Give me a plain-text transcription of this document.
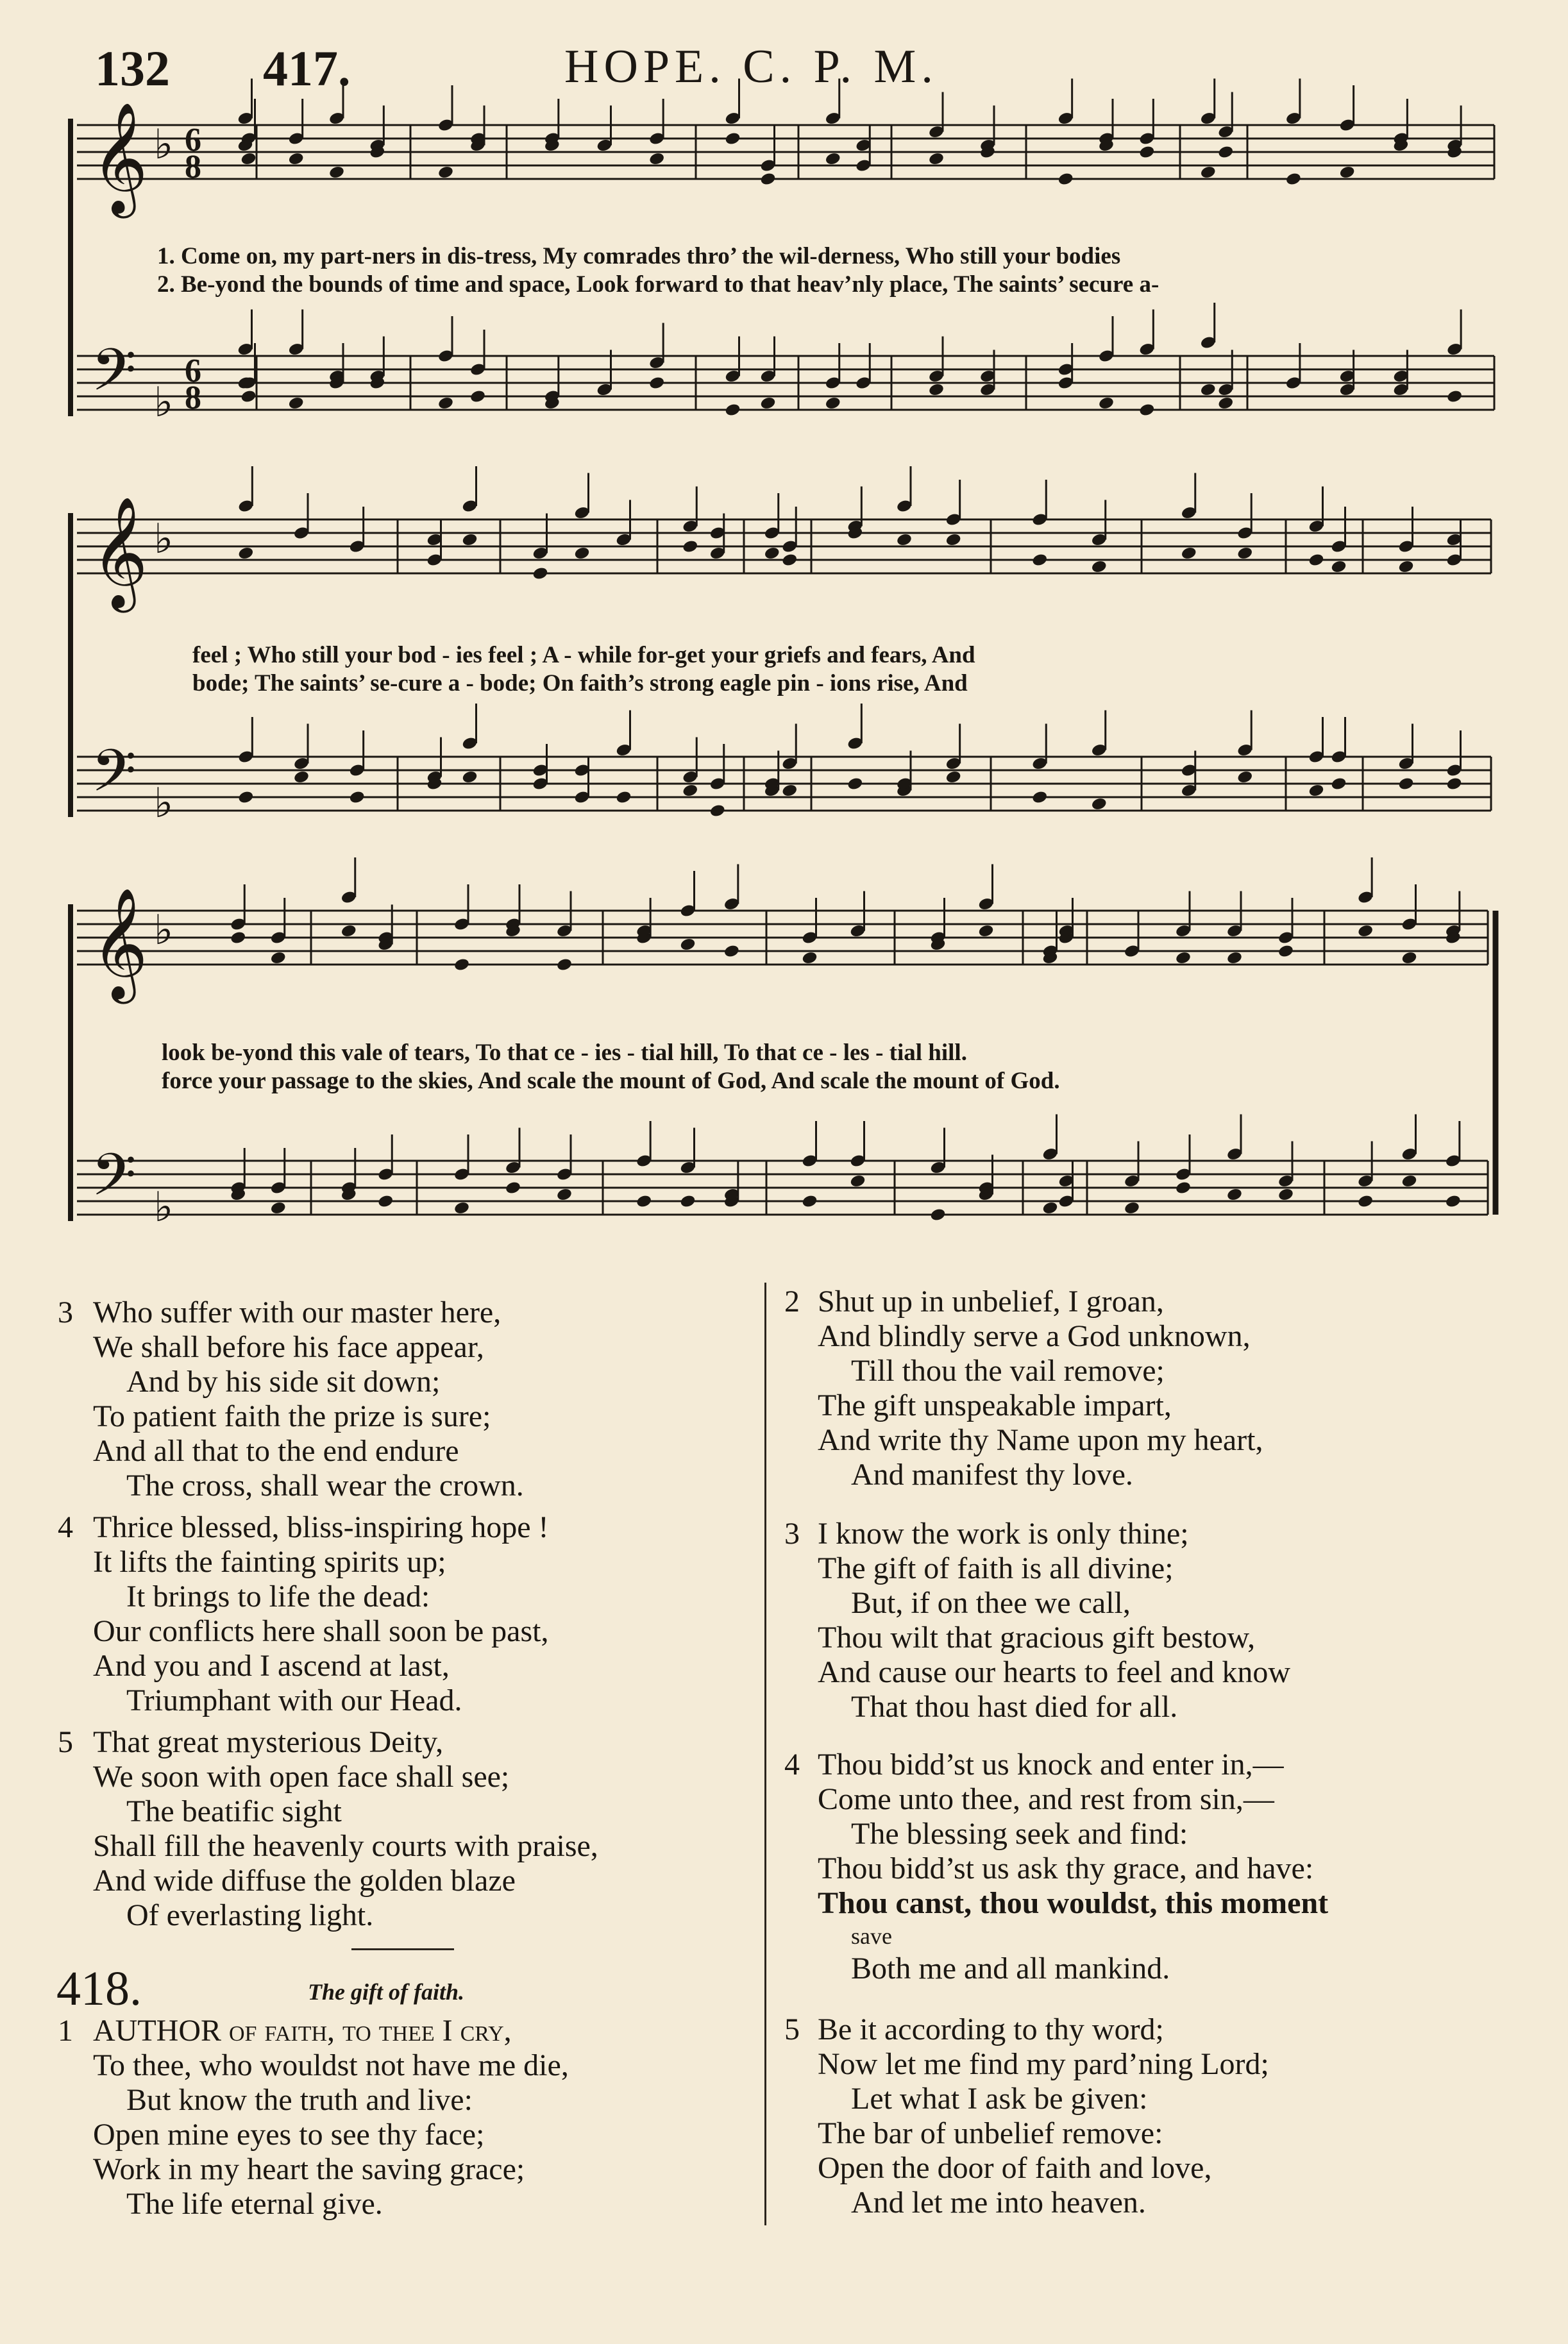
132 417.	HOPE. C. P. M.
𝄞 ♭ 6
8
𝄢 ♭
6
8
𝄞 ♭
𝄢 ♭
𝄞 ♭
𝄢 ♭
1. Come on, my part-ners in dis-tress, My comrades thro’ the wil-derness, Who still your bodies
2. Be-yond the bounds of time and space, Look forward to that heav’nly place, The saints’ secure a-
feel ; Who still your bod - ies feel ; A - while for-get your griefs and fears, And
bode; The saints’ se-cure a - bode; On faith’s strong eagle pin - ions rise, And
look be-yond this vale of tears, To that ce - ies - tial hill, To that ce - les - tial hill.
force your passage to the skies, And scale the mount of God, And scale the mount of God.
3 Who suffer with our master here,
We shall before his face appear,
And by his side sit down;
To patient faith the prize is sure;
And all that to the end endure
The cross, shall wear the crown.
4 Thrice blessed, bliss-inspiring hope !
It lifts the fainting spirits up;
It brings to life the dead:
Our conflicts here shall soon be past,
And you and I ascend at last,
Triumphant with our Head.
5 That great mysterious Deity,
We soon with open face shall see;
The beatific sight
Shall fill the heavenly courts with praise,
And wide diffuse the golden blaze
Of everlasting light.
418.	The gift of faith.
1 AUTHOR of faith, to thee I cry,
To thee, who wouldst not have me die,
But know the truth and live:
Open mine eyes to see thy face;
Work in my heart the saving grace;
The life eternal give.
2 Shut up in unbelief, I groan,
And blindly serve a God unknown,
Till thou the vail remove;
The gift unspeakable impart,
And write thy Name upon my heart,
And manifest thy love.
3 I know the work is only thine;
The gift of faith is all divine;
But, if on thee we call,
Thou wilt that gracious gift bestow,
And cause our hearts to feel and know
That thou hast died for all.
4 Thou bidd’st us knock and enter in,—
Come unto thee, and rest from sin,—
The blessing seek and find:
Thou bidd’st us ask thy grace, and have:
Thou canst, thou wouldst, this moment
save
Both me and all mankind.
5 Be it according to thy word;
Now let me find my pard’ning Lord;
Let what I ask be given:
The bar of unbelief remove:
Open the door of faith and love,
And let me into heaven.
